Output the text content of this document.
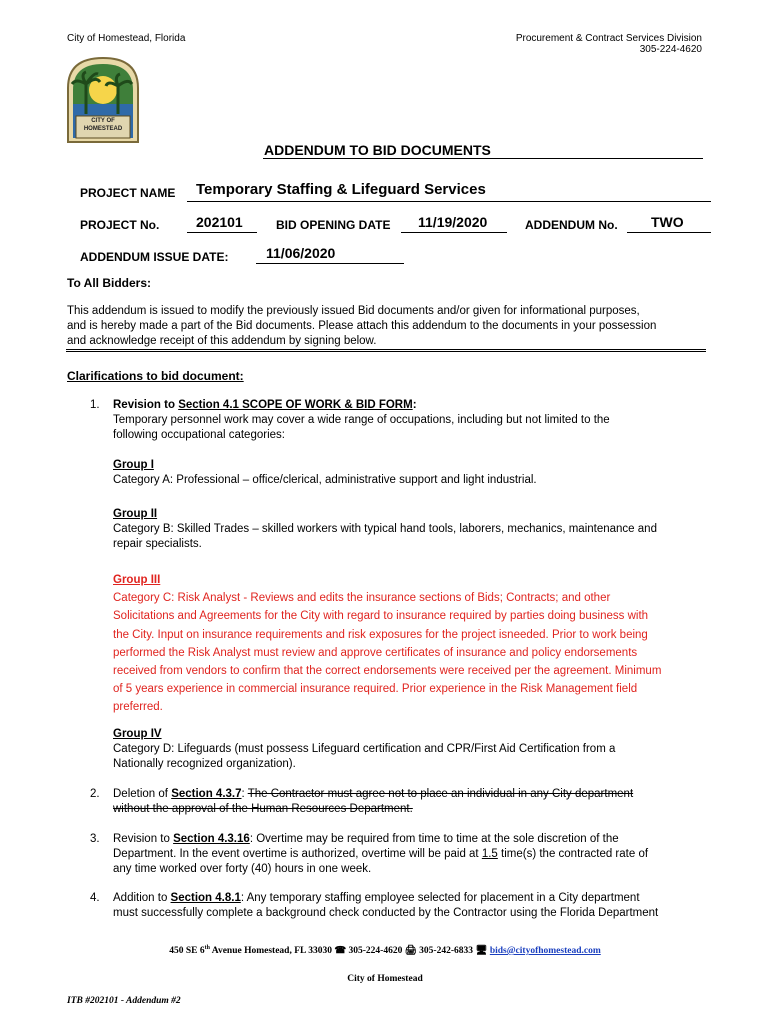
City of Homestead, Florida	Procurement & Contract Services Division
305-224-4620
CITY OF
HOMESTEAD
ADDENDUM TO BID DOCUMENTS
PROJECT NAME Temporary Staffing & Lifeguard Services
PROJECT No.	202101	BID OPENING DATE 11/19/2020	ADDENDUM No. TWO
ADDENDUM ISSUE DATE:	11/06/2020
To All Bidders:
This addendum is issued to modify the previously issued Bid documents and/or given for informational purposes,
and is hereby made a part of the Bid documents. Please attach this addendum to the documents in your possession
and acknowledge receipt of this addendum by signing below.
Clarifications to bid document:
1. Revision to Section 4.1 SCOPE OF WORK & BID FORM:
Temporary personnel work may cover a wide range of occupations, including but not limited to the
following occupational categories:
Group I
Category A: Professional – office/clerical, administrative support and light industrial.
Group II
Category B: Skilled Trades – skilled workers with typical hand tools, laborers, mechanics, maintenance and
repair specialists.
Group III
Category C: Risk Analyst - Reviews and edits the insurance sections of Bids; Contracts; and other
Solicitations and Agreements for the City with regard to insurance required by parties doing business with
the City. Input on insurance requirements and risk exposures for the project isneeded. Prior to work being
performed the Risk Analyst must review and approve certificates of insurance and policy endorsements
received from vendors to confirm that the correct endorsements were received per the agreement. Minimum
of 5 years experience in commercial insurance required. Prior experience in the Risk Management field
preferred.
Group IV
Category D: Lifeguards (must possess Lifeguard certification and CPR/First Aid Certification from a
Nationally recognized organization).
2. Deletion of Section 4.3.7: The Contractor must agree not to place an individual in any City department
without the approval of the Human Resources Department.
3. Revision to Section 4.3.16: Overtime may be required from time to time at the sole discretion of the
Department. In the event overtime is authorized, overtime will be paid at 1.5 time(s) the contracted rate of
any time worked over forty (40) hours in one week.
4. Addition to Section 4.8.1: Any temporary staffing employee selected for placement in a City department
must successfully complete a background check conducted by the Contractor using the Florida Department
450 SE 6th Avenue Homestead, FL 33030 ☎ 305-224-4620 🖨 305-242-6833 🖥 bids@cityofhomestead.com
City of Homestead
ITB #202101 - Addendum #2
